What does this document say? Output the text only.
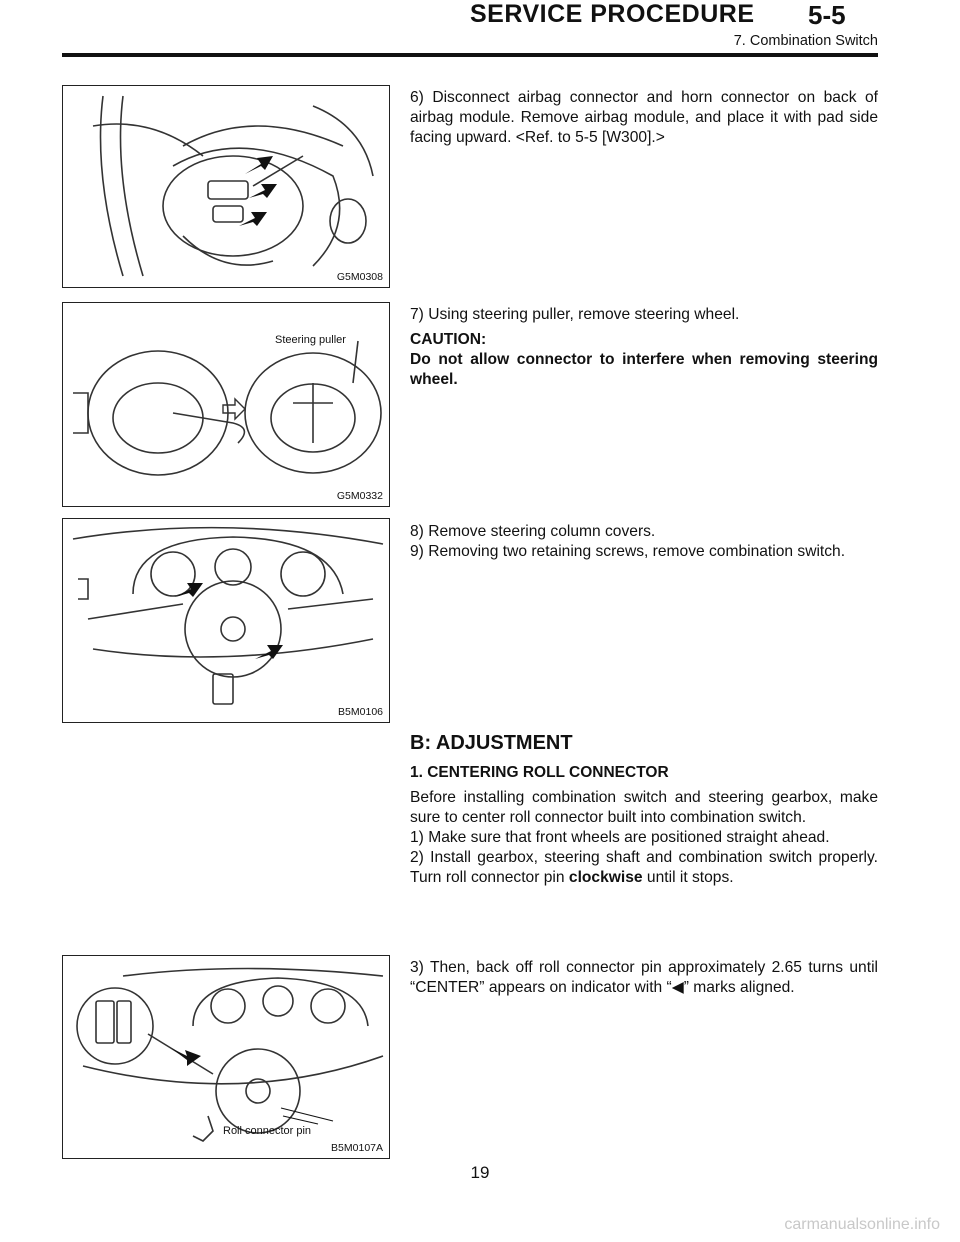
SERVICE PROCEDURE 5-5
7. Combination Switch
G5M0308
Steering puller
G5M0332
B5M0106
Roll connector pin
B5M0107A

6) Disconnect airbag connector and horn connector on back of airbag module. Remove airbag module, and place it with pad side facing upward. <Ref. to 5-5 [W300].>

7) Using steering puller, remove steering wheel.

CAUTION:

Do not allow connector to interfere when removing steering wheel.

8) Remove steering column covers.

9) Removing two retaining screws, remove combination switch.

B: ADJUSTMENT
1. CENTERING ROLL CONNECTOR

Before installing combination switch and steering gearbox, make sure to center roll connector built into combination switch.

1) Make sure that front wheels are positioned straight ahead.

2) Install gearbox, steering shaft and combination switch properly. Turn roll connector pin clockwise until it stops.

3) Then, back off roll connector pin approximately 2.65 turns until “CENTER” appears on indicator with “◀” marks aligned.

19
carmanualsonline.info
